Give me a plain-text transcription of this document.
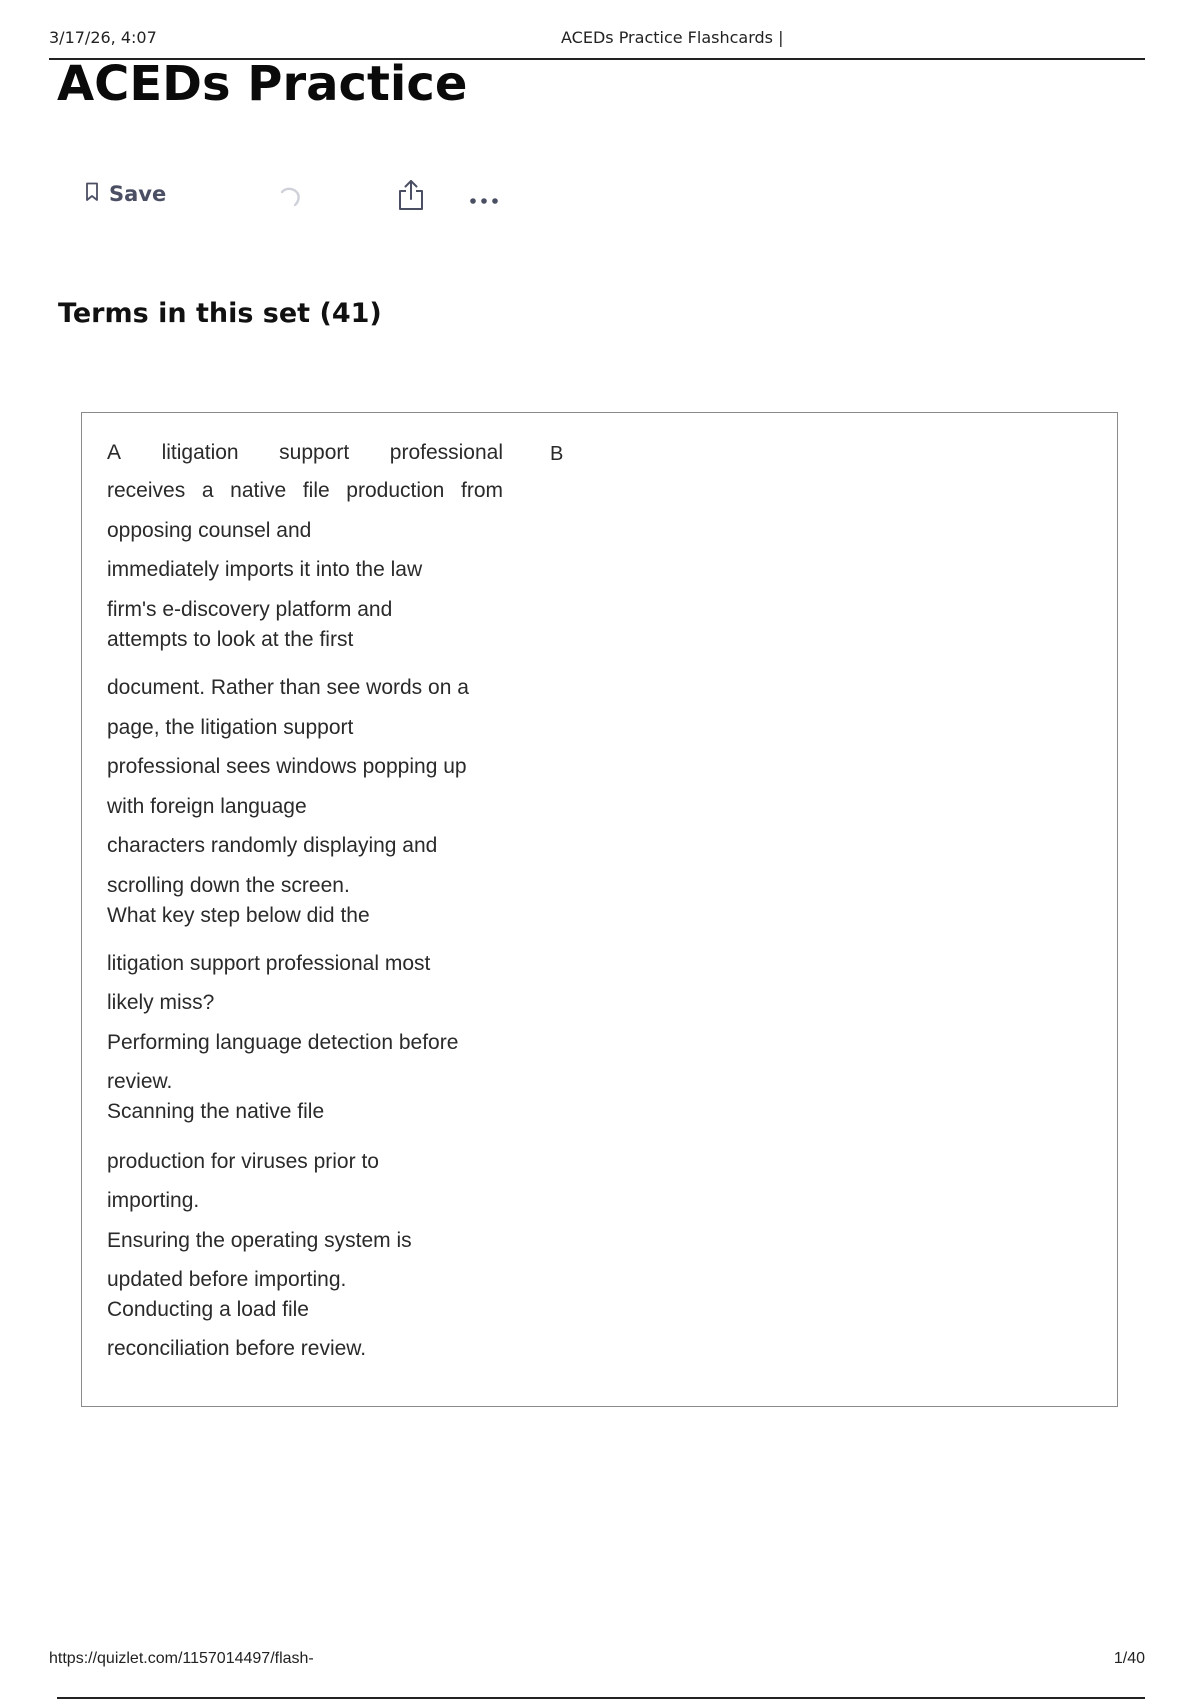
3/17/26, 4:07	ACEDs Practice Flashcards |
ACEDs Practice
Save
Terms in this set (41)
A litigation support professional
receives a native file production from
opposing counsel and
immediately imports it into the law
firm's e-discovery platform and
attempts to look at the first
document. Rather than see words on a
page, the litigation support
professional sees windows popping up
with foreign language
characters randomly displaying and
scrolling down the screen.
What key step below did the
litigation support professional most
likely miss?
Performing language detection before
review.
Scanning the native file
production for viruses prior to
importing.
Ensuring the operating system is
updated before importing.
Conducting a load file
reconciliation before review.
B
https://quizlet.com/1157014497/flash-	1/40
